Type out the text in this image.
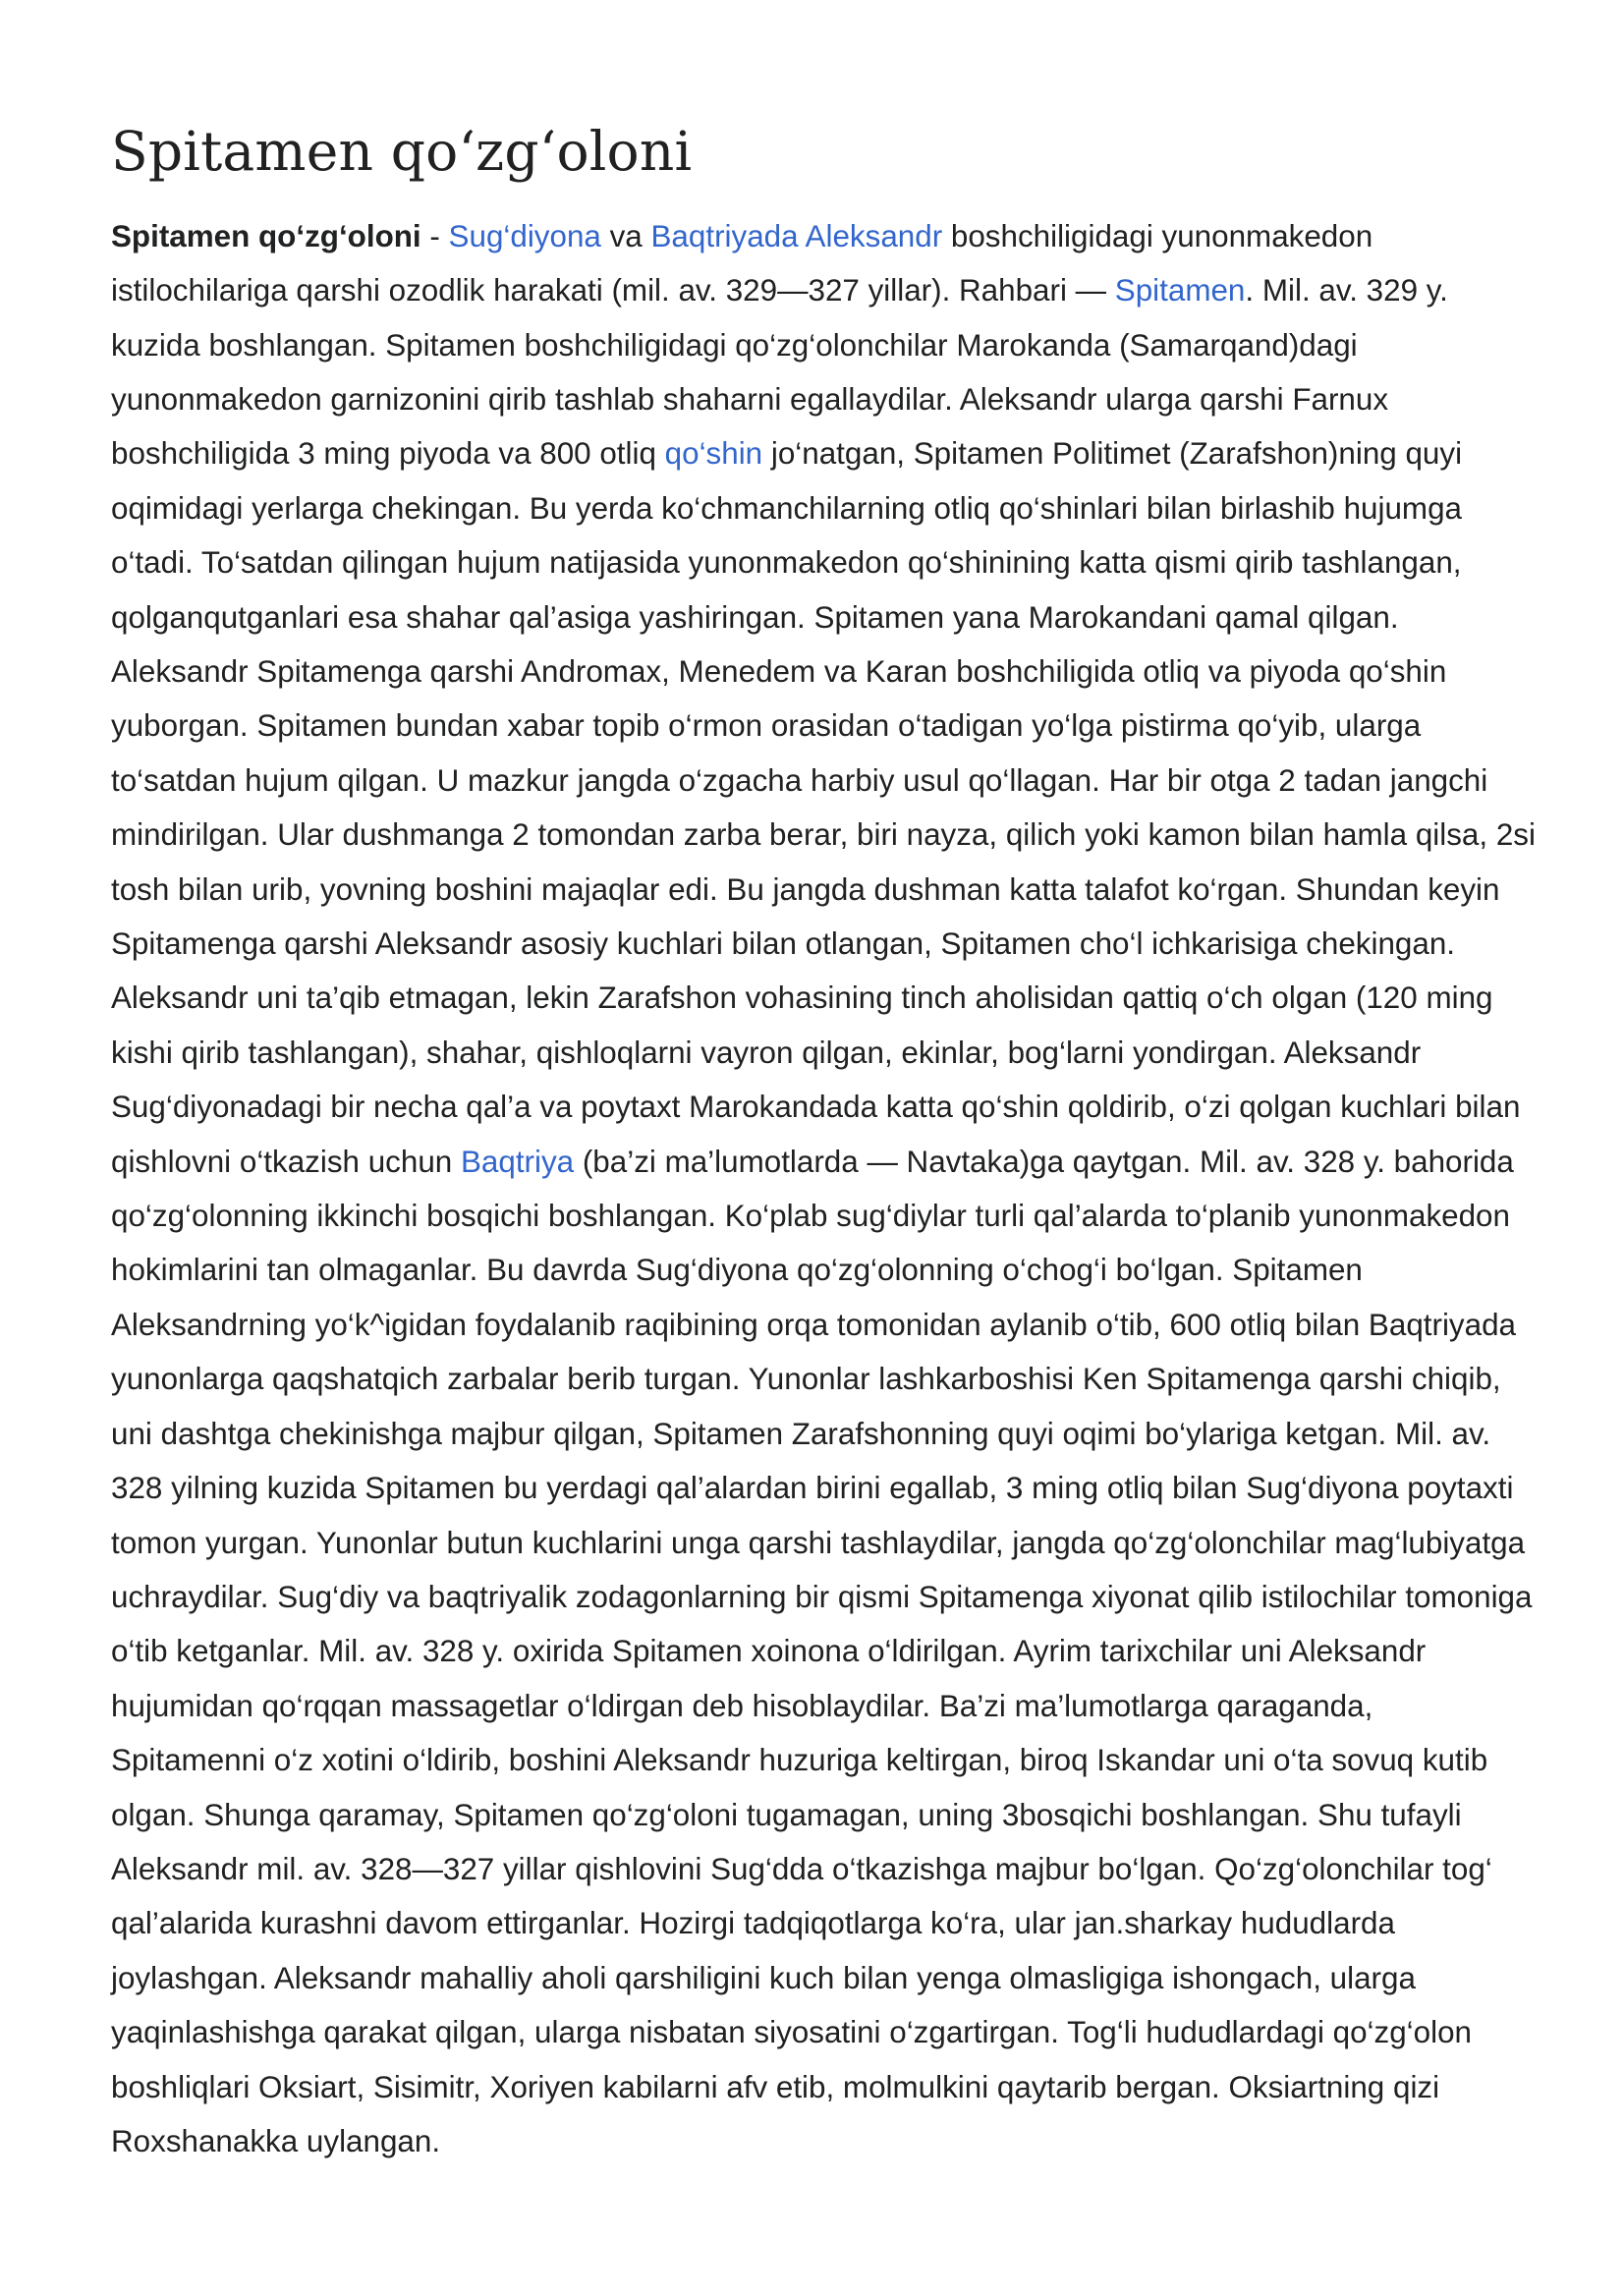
Spitamen qo‘zg‘oloni

Spitamen qo‘zg‘oloni - Sug‘diyona va Baqtriyada Aleksandr boshchiligidagi yunonmakedon istilochilariga qarshi ozodlik harakati (mil. av. 329—327 yillar). Rahbari — Spitamen. Mil. av. 329 y. kuzida boshlangan. Spitamen boshchiligidagi qo‘zg‘olonchilar Marokanda (Samarqand)dagi yunonmakedon garnizonini qirib tashlab shaharni egallaydilar. Aleksandr ularga qarshi Farnux boshchiligida 3 ming piyoda va 800 otliq qo‘shin jo‘natgan, Spitamen Politimet (Zarafshon)ning quyi oqimidagi yerlarga chekingan. Bu yerda ko‘chmanchilarning otliq qo‘shinlari bilan birlashib hujumga o‘tadi. To‘satdan qilingan hujum natijasida yunonmakedon qo‘shinining katta qismi qirib tashlangan, qolganqutganlari esa shahar qal’asiga yashiringan. Spitamen yana Marokandani qamal qilgan. Aleksandr Spitamenga qarshi Andromax, Menedem va Karan boshchiligida otliq va piyoda qo‘shin yuborgan. Spitamen bundan xabar topib o‘rmon orasidan o‘tadigan yo‘lga pistirma qo‘yib, ularga to‘satdan hujum qilgan. U mazkur jangda o‘zgacha harbiy usul qo‘llagan. Har bir otga 2 tadan jangchi mindirilgan. Ular dushmanga 2 tomondan zarba berar, biri nayza, qilich yoki kamon bilan hamla qilsa, 2si tosh bilan urib, yovning boshini majaqlar edi. Bu jangda dushman katta talafot ko‘rgan. Shundan keyin Spitamenga qarshi Aleksandr asosiy kuchlari bilan otlangan, Spitamen cho‘l ichkarisiga chekingan. Aleksandr uni ta’qib etmagan, lekin Zarafshon vohasining tinch aholisidan qattiq o‘ch olgan (120 ming kishi qirib tashlangan), shahar, qishloqlarni vayron qilgan, ekinlar, bog‘larni yondirgan. Aleksandr Sug‘diyonadagi bir necha qal’a va poytaxt Marokandada katta qo‘shin qoldirib, o‘zi qolgan kuchlari bilan qishlovni o‘tkazish uchun Baqtriya (ba’zi ma’lumotlarda — Navtaka)ga qaytgan. Mil. av. 328 y. bahorida qo‘zg‘olonning ikkinchi bosqichi boshlangan. Ko‘plab sug‘diylar turli qal’alarda to‘planib yunonmakedon hokimlarini tan olmaganlar. Bu davrda Sug‘diyona qo‘zg‘olonning o‘chog‘i bo‘lgan. Spitamen Aleksandrning yo‘k^igidan foydalanib raqibining orqa tomonidan aylanib o‘tib, 600 otliq bilan Baqtriyada yunonlarga qaqshatqich zarbalar berib turgan. Yunonlar lashkarboshisi Ken Spitamenga qarshi chiqib, uni dashtga chekinishga majbur qilgan, Spitamen Zarafshonning quyi oqimi bo‘ylariga ketgan. Mil. av. 328 yilning kuzida Spitamen bu yerdagi qal’alardan birini egallab, 3 ming otliq bilan Sug‘diyona poytaxti tomon yurgan. Yunonlar butun kuchlarini unga qarshi tashlaydilar, jangda qo‘zg‘olonchilar mag‘lubiyatga uchraydilar. Sug‘diy va baqtriyalik zodagonlarning bir qismi Spitamenga xiyonat qilib istilochilar tomoniga o‘tib ketganlar. Mil. av. 328 y. oxirida Spitamen xoinona o‘ldirilgan. Ayrim tarixchilar uni Aleksandr hujumidan qo‘rqqan massagetlar o‘ldirgan deb hisoblaydilar. Ba’zi ma’lumotlarga qaraganda, Spitamenni o‘z xotini o‘ldirib, boshini Aleksandr huzuriga keltirgan, biroq Iskandar uni o‘ta sovuq kutib olgan. Shunga qaramay, Spitamen qo‘zg‘oloni tugamagan, uning 3bosqichi boshlangan. Shu tufayli Aleksandr mil. av. 328—327 yillar qishlovini Sug‘dda o‘tkazishga majbur bo‘lgan. Qo‘zg‘olonchilar tog‘ qal’alarida kurashni davom ettirganlar. Hozirgi tadqiqotlarga ko‘ra, ular jan.sharkay hududlarda joylashgan. Aleksandr mahalliy aholi qarshiligini kuch bilan yenga olmasligiga ishongach, ularga yaqinlashishga qarakat qilgan, ularga nisbatan siyosatini o‘zgartirgan. Tog‘li hududlardagi qo‘zg‘olon boshliqlari Oksiart, Sisimitr, Xoriyen kabilarni afv etib, molmulkini qaytarib bergan. Oksiartning qizi Roxshanakka uylangan.
